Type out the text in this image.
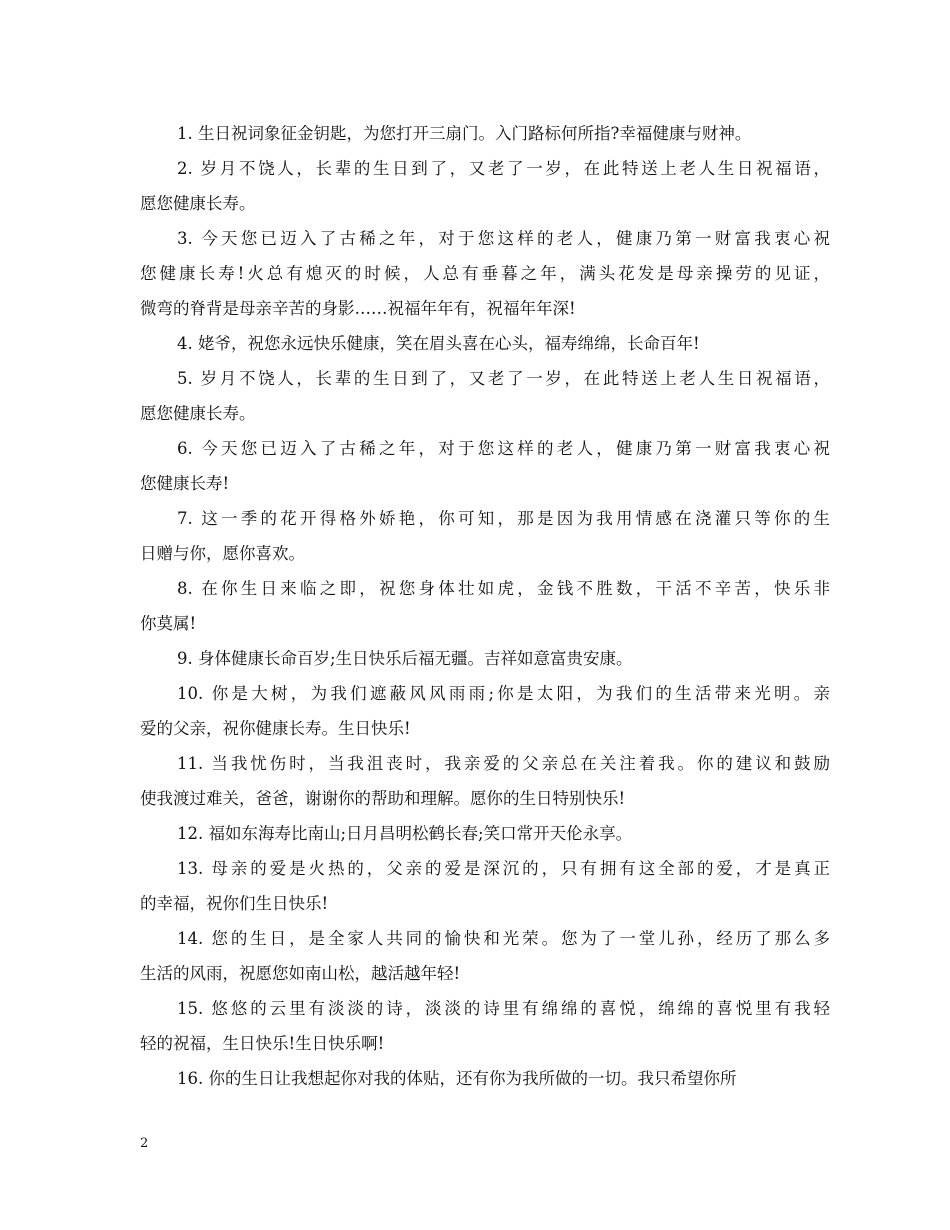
1. 生日祝词象征金钥匙，为您打开三扇门。入门路标何所指?幸福健康与财神。
2. 岁月不饶人，长辈的生日到了，又老了一岁，在此特送上老人生日祝福语，
愿您健康长寿。
3. 今天您已迈入了古稀之年，对于您这样的老人，健康乃第一财富我衷心祝
您健康长寿!火总有熄灭的时候，人总有垂暮之年，满头花发是母亲操劳的见证，
微弯的脊背是母亲辛苦的身影……祝福年年有，祝福年年深!
4. 姥爷，祝您永远快乐健康，笑在眉头喜在心头，福寿绵绵，长命百年!
5. 岁月不饶人，长辈的生日到了，又老了一岁，在此特送上老人生日祝福语，
愿您健康长寿。
6. 今天您已迈入了古稀之年，对于您这样的老人，健康乃第一财富我衷心祝
您健康长寿!
7. 这一季的花开得格外娇艳，你可知，那是因为我用情感在浇灌只等你的生
日赠与你，愿你喜欢。
8. 在你生日来临之即，祝您身体壮如虎，金钱不胜数，干活不辛苦，快乐非
你莫属!
9. 身体健康长命百岁;生日快乐后福无疆。吉祥如意富贵安康。
10. 你是大树，为我们遮蔽风风雨雨;你是太阳，为我们的生活带来光明。亲
爱的父亲，祝你健康长寿。生日快乐!
11. 当我忧伤时，当我沮丧时，我亲爱的父亲总在关注着我。你的建议和鼓励
使我渡过难关，爸爸，谢谢你的帮助和理解。愿你的生日特别快乐!
12. 福如东海寿比南山;日月昌明松鹤长春;笑口常开天伦永享。
13. 母亲的爱是火热的，父亲的爱是深沉的，只有拥有这全部的爱，才是真正
的幸福，祝你们生日快乐!
14. 您的生日，是全家人共同的愉快和光荣。您为了一堂儿孙，经历了那么多
生活的风雨，祝愿您如南山松，越活越年轻!
15. 悠悠的云里有淡淡的诗，淡淡的诗里有绵绵的喜悦，绵绵的喜悦里有我轻
轻的祝福，生日快乐!生日快乐啊!
16. 你的生日让我想起你对我的体贴，还有你为我所做的一切。我只希望你所
2
